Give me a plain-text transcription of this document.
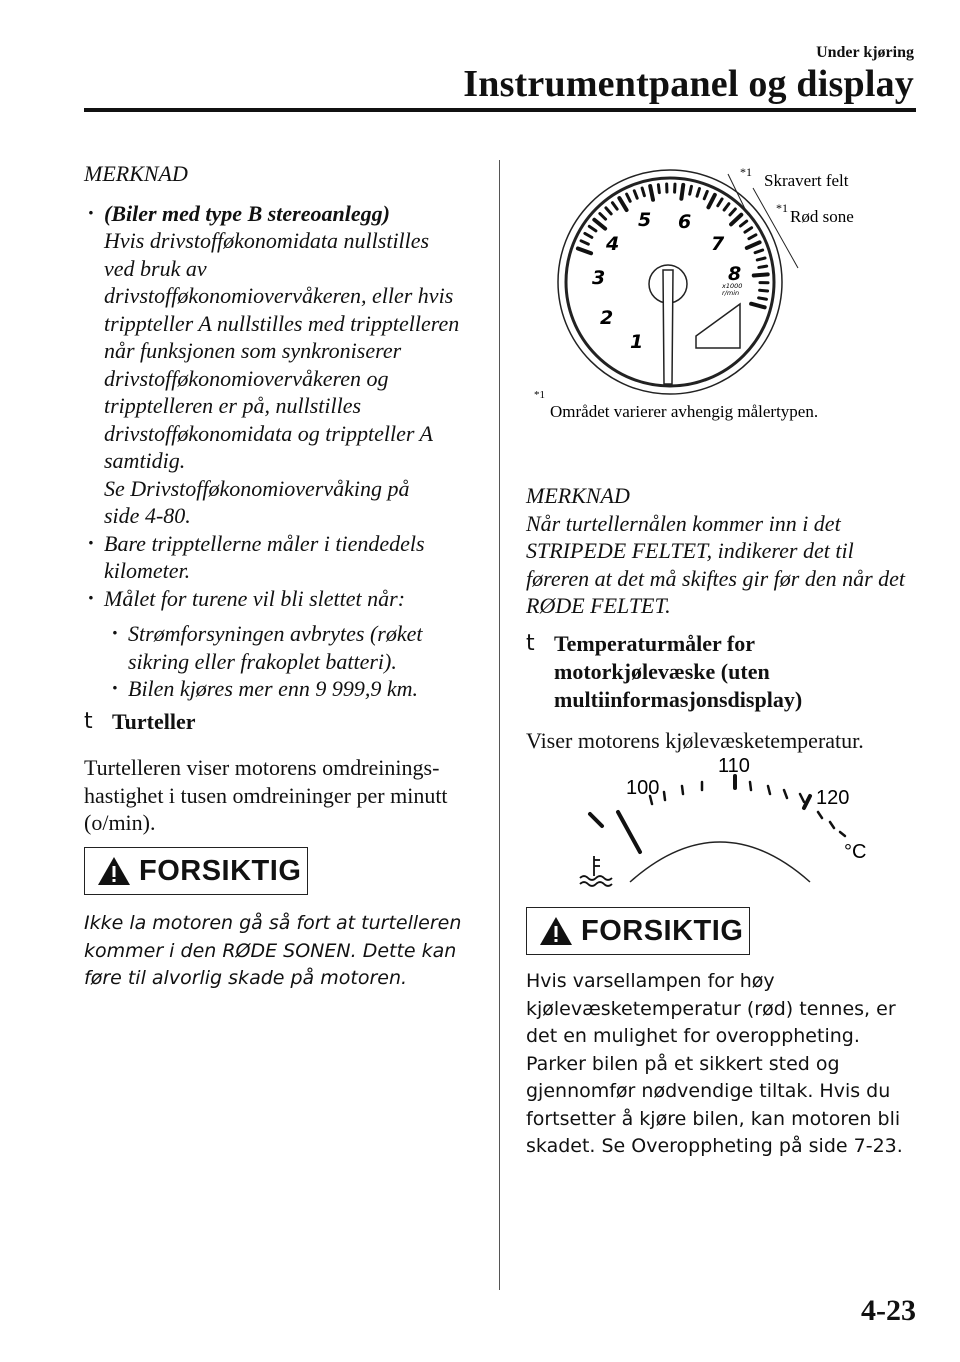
Under kjøring
Instrumentpanel og display
MERKNAD
· (Biler med type B stereoanlegg)
Hvis drivstofføkonomidata nullstilles
ved bruk av
drivstofføkonomiovervåkeren, eller hvis
trippteller A nullstilles med tripptelleren
når funksjonen som synkroniserer
drivstofføkonomiovervåkeren og
tripptelleren er på, nullstilles
drivstofføkonomidata og trippteller A
samtidig.
Se Drivstofføkonomiovervåking på
side 4-80.
· Bare tripptellerne måler i tiendedels kilometer.
· Målet for turene vil bli slettet når:
· Strømforsyningen avbrytes (røket sikring eller frakoplet batteri).
· Bilen kjøres mer enn 9 999,9 km.
t Turteller
Turtelleren viser motorens omdreinings-hastighet i tusen omdreininger per minutt (o/min).
FORSIKTIG
Ikke la motoren gå så fort at turtelleren kommer i den RØDE SONEN. Dette kan føre til alvorlig skade på motoren.
1
2
3
4
5 6
7
8
x1000
r/min
*1 Skravert felt
*1 Rød sone
*1
Området varierer avhengig målertypen.
MERKNAD
Når turtellernålen kommer inn i det STRIPEDE FELTET, indikerer det til føreren at det må skiftes gir før den når det RØDE FELTET.
t Temperaturmåler for
motorkjølevæske (uten
multiinformasjonsdisplay)
Viser motorens kjølevæsketemperatur.
100
110
120
°C
FORSIKTIG
Hvis varsellampen for høy kjølevæsketemperatur (rød) tennes, er det en mulighet for overoppheting. Parker bilen på et sikkert sted og gjennomfør nødvendige tiltak. Hvis du fortsetter å kjøre bilen, kan motoren bli skadet. Se Overoppheting på side 7-23.
4-23
